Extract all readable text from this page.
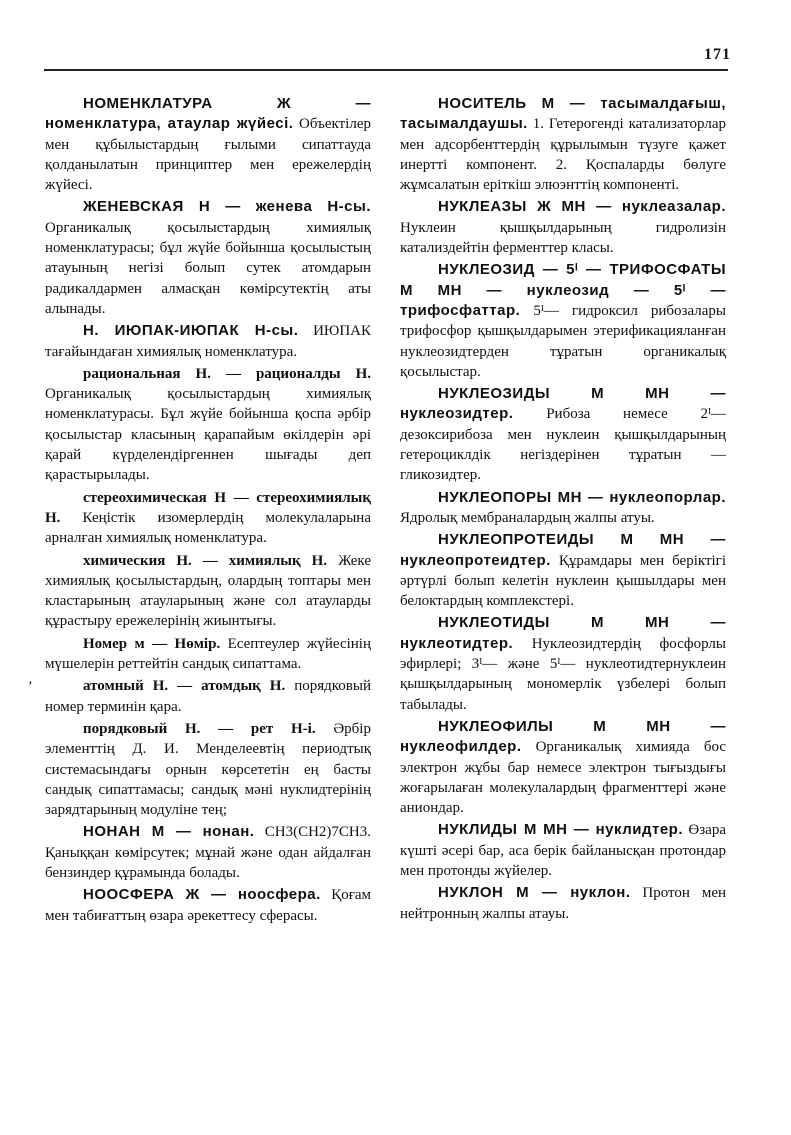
171
‚

НОМЕНКЛАТУРА Ж — номенклатура, атаулар жүйесі. Объектілер мен құбылыстардың ғылыми сипаттауда қолданылатын принциптер мен ережелердің жүйесі.

ЖЕНЕВСКАЯ Н — женева Н-сы. Органикалық қосылыстардың химиялық номенклатурасы; бұл жүйе бойынша қосылыстың атауының негізі болып сутек атомдарын радикалдармен алмасқан көмірсутектің аты алынады.

Н. ИЮПАК-ИЮПАК Н-сы. ИЮПАК тағайындаған химиялық номенклатура.

рациональная Н. — рационалды Н. Органикалық қосылыстардың химиялық номенклатурасы. Бұл жүйе бойынша қоспа әрбір қосылыстар класының қарапайым өкілдерін әрі қарай күрделендіргеннен шығады деп қарастырылады.

стереохимическая Н — стереохимиялық Н. Кеңістік изомерлердің молекулаларына арналған химиялық номенклатура.

химическия Н. — химиялық Н. Жеке химиялық қосылыстардың, олардың топтары мен кластарының атауларының және сол атауларды құрастыру ережелерінің жиынтығы.

Номер м — Нөмір. Есептеулер жүйесінің мүшелерін реттейтін сандық сипаттама.

атомный Н. — атомдық Н. порядковый номер терминін қара.

порядковый Н. — рет Н-і. Әрбір элементтің Д. И. Менделеевтің периодтық системасындағы орнын көрсететін ең басты сандық сипаттамасы; сандық мәні нуклидтерінің зарядтарының модуліне тең;

НОНАН М — нонан. CH3(CH2)7CH3. Қаныққан көмірсутек; мұнай және одан айдалған бензиндер құрамында болады.

НООСФЕРА Ж — ноосфера. Қоғам мен табиғаттың өзара әрекеттесу сферасы.

НОСИТЕЛЬ М — тасымалдағыш, тасымалдаушы. 1. Гетерогенді катализаторлар мен адсорбенттердің құрылымын түзуге қажет инертті компонент. 2. Қоспаларды бөлуге жұмсалатын еріткіш элюэнттің компоненті.

НУКЛЕАЗЫ Ж МН — нуклеазалар. Нуклеин қышқылдарының гидролизін катализдейтін ферменттер класы.

НУКЛЕОЗИД — 5ᴵ — ТРИФОСФАТЫ М МН — нуклеозид — 5ᴵ — трифосфаттар. 5ᴵ— гидроксил рибозалары трифосфор қышқылдарымен этерификацияланған нуклеозидтерден тұратын органикалық қосылыстар.

НУКЛЕОЗИДЫ М МН — нуклеозидтер. Рибоза немесе 2ᴵ— дезоксирибоза мен нуклеин қышқылдарының гетероциклдік негіздерінен тұратын — гликозидтер.

НУКЛЕОПОРЫ МН — нуклеопорлар. Ядролық мембраналардың жалпы атуы.

НУКЛЕОПРОТЕИДЫ М МН — нуклеопротеидтер. Құрамдары мен беріктігі әртүрлі болып келетін нуклеин қышылдары мен белоктардың комплекстері.

НУКЛЕОТИДЫ М МН — нуклеотидтер. Нуклеозидтердің фосфорлы эфирлері; 3ᴵ— және 5ᴵ— нуклеотидтернуклеин қышқылдарының мономерлік үзбелері болып табылады.

НУКЛЕОФИЛЫ М МН — нуклеофилдер. Органикалық химияда бос электрон жұбы бар немесе электрон тығыздығы жоғарылаған молекулалардың фрагменттері және аниондар.

НУКЛИДЫ М МН — нуклидтер. Өзара күшті әсері бар, аса берік байланысқан протондар мен протонды жүйелер.

НУКЛОН М — нуклон. Протон мен нейтронның жалпы атауы.
